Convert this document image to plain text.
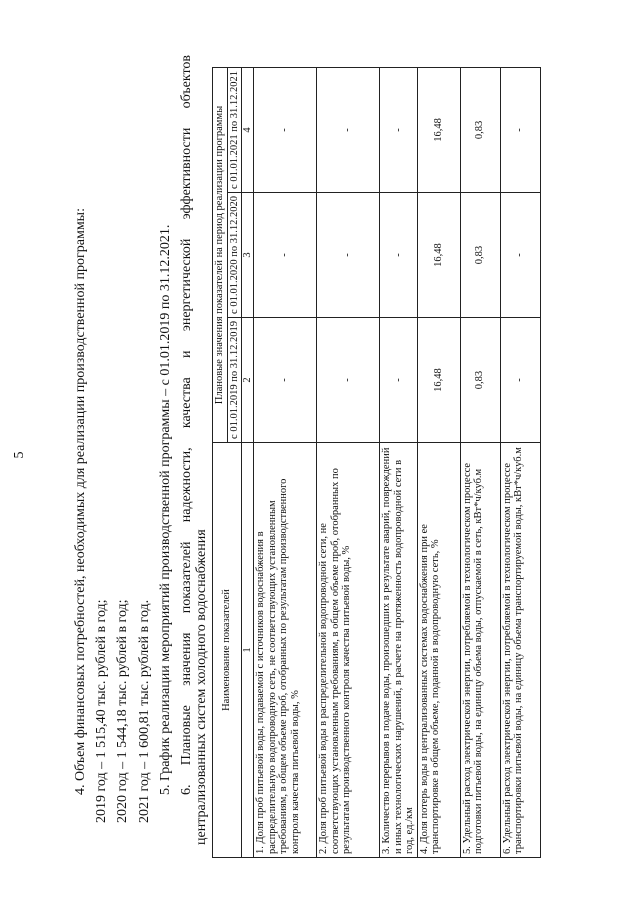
5	4. Объем финансовых потребностей, необходимых для реализации производственной программы: 2019 год – 1 515,40 тыс. рублей в год; 2020 год – 1 544,18 тыс. рублей в год; 2021 год – 1 600,81 тыс. рублей в год. 5. График реализации мероприятий производственной программы – с 01.01.2019 по 31.12.2021. 6. Плановые значения показателей надежности, качества и энергетической эффективности объектов централизованных систем холодного водоснабжения Наименование показателей	Плановые значения показателей на период реализации программы		
	с 01.01.2019 по 31.12.2019	с 01.01.2020 по 31.12.2020	с 01.01.2021 по 31.12.2021
1	2	3	4
1. Доля проб питьевой воды, подаваемой с источников водоснабжения в распределительную водопроводную сеть, не соответствующих установленным требованиям, в общем объеме проб, отобранных по результатам производственного контроля качества питьевой воды, %	-	-	-
2. Доля проб питьевой воды в распределительной водопроводной сети, не соответствующих установленным требованиям, в общем объеме проб, отобранных по результатам производственного контроля качества питьевой воды, %	-	-	-
3. Количество перерывов в подаче воды, произошедших в результате аварий, повреждений и иных технологических нарушений, в расчете на протяженность водопроводной сети в год, ед./км	-	-	-
4. Доля потерь воды в централизованных системах водоснабжения при ее транспортировке в общем объеме, поданной в водопроводную сеть, %	16,48	16,48	16,48
5. Удельный расход электрической энергии, потребляемой в технологическом процессе подготовки питьевой воды, на единицу объема воды, отпускаемой в сеть, кВт*ч/куб.м	0,83	0,83	0,83
6. Удельный расход электрической энергии, потребляемой в технологическом процессе транспортировки питьевой воды, на единицу объема транспортируемой воды, кВт*ч/куб.м	-	-	-
